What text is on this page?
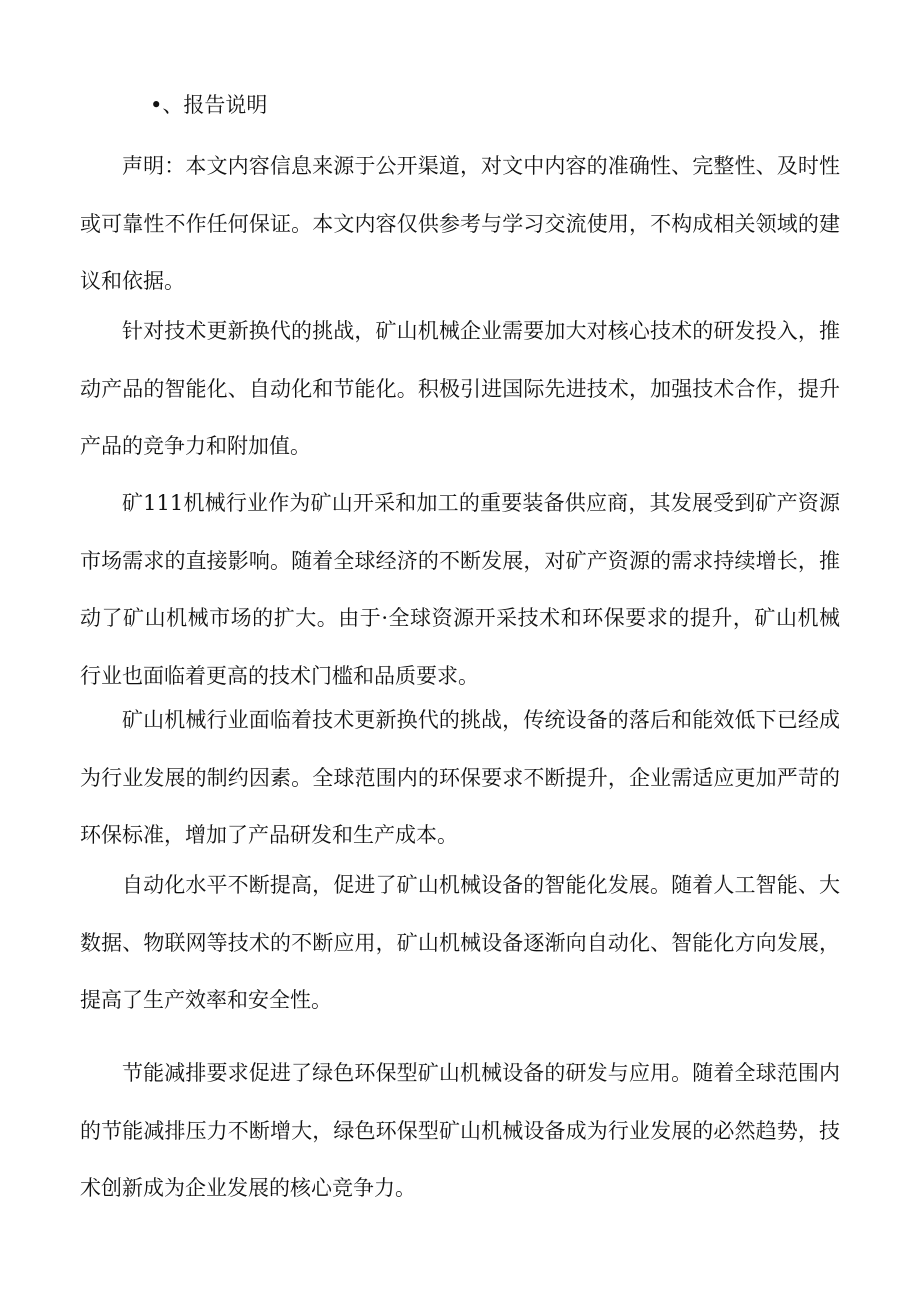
•、报告说明

声明：本文内容信息来源于公开渠道，对文中内容的准确性、完整性、及时性或可靠性不作任何保证。本文内容仅供参考与学习交流使用，不构成相关领域的建议和依据。

针对技术更新换代的挑战，矿山机械企业需要加大对核心技术的研发投入，推动产品的智能化、自动化和节能化。积极引进国际先进技术，加强技术合作，提升产品的竞争力和附加值。

矿111机械行业作为矿山开采和加工的重要装备供应商，其发展受到矿产资源市场需求的直接影响。随着全球经济的不断发展，对矿产资源的需求持续增长，推动了矿山机械市场的扩大。由于·全球资源开采技术和环保要求的提升，矿山机械行业也面临着更高的技术门槛和品质要求。

矿山机械行业面临着技术更新换代的挑战，传统设备的落后和能效低下已经成为行业发展的制约因素。全球范围内的环保要求不断提升，企业需适应更加严苛的环保标准，增加了产品研发和生产成本。

自动化水平不断提高，促进了矿山机械设备的智能化发展。随着人工智能、大数据、物联网等技术的不断应用，矿山机械设备逐渐向自动化、智能化方向发展，提高了生产效率和安全性。

节能减排要求促进了绿色环保型矿山机械设备的研发与应用。随着全球范围内的节能减排压力不断增大，绿色环保型矿山机械设备成为行业发展的必然趋势，技术创新成为企业发展的核心竞争力。
